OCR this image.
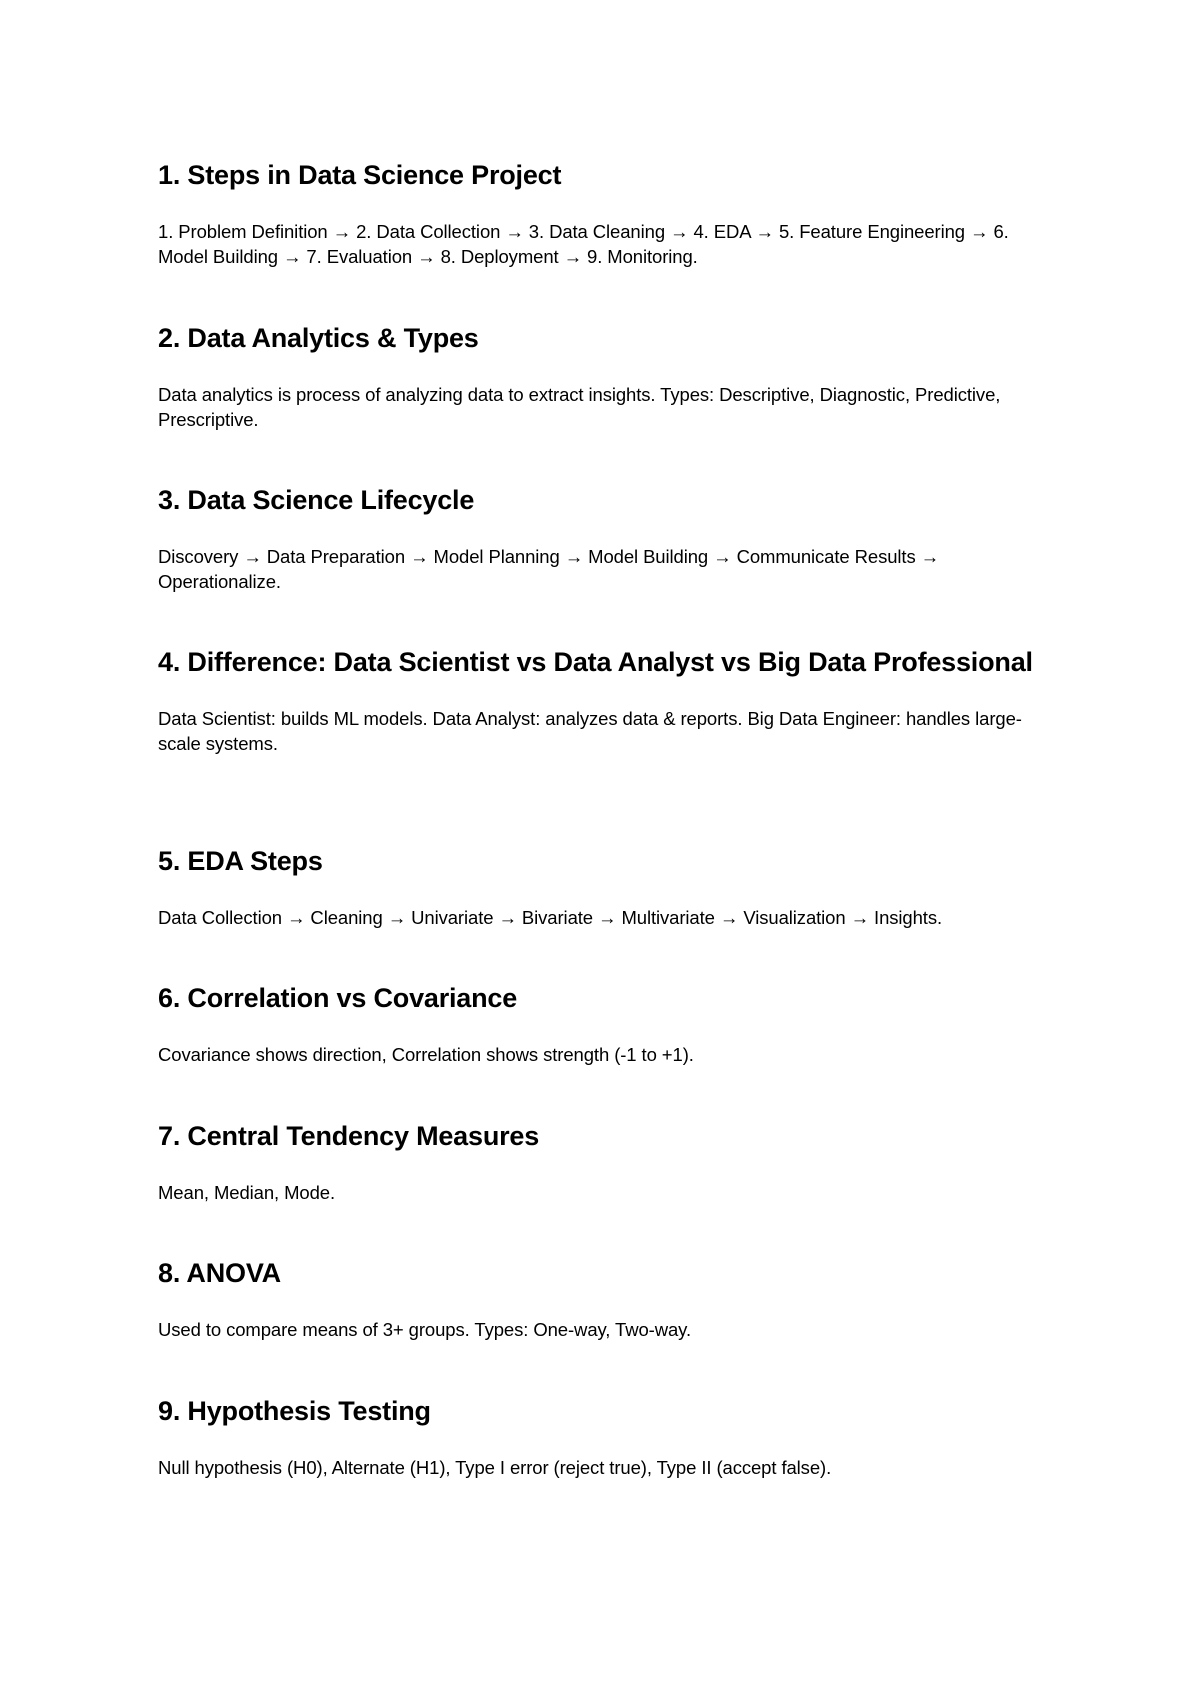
1. Steps in Data Science Project

1. Problem Definition → 2. Data Collection → 3. Data Cleaning → 4. EDA → 5. Feature Engineering → 6. Model Building → 7. Evaluation → 8. Deployment → 9. Monitoring.

2. Data Analytics & Types

Data analytics is process of analyzing data to extract insights. Types: Descriptive, Diagnostic, Predictive, Prescriptive.

3. Data Science Lifecycle

Discovery → Data Preparation → Model Planning → Model Building → Communicate Results → Operationalize.

4. Difference: Data Scientist vs Data Analyst vs Big Data Professional

Data Scientist: builds ML models. Data Analyst: analyzes data & reports. Big Data Engineer: handles large-scale systems.

5. EDA Steps

Data Collection → Cleaning → Univariate → Bivariate → Multivariate → Visualization → Insights.

6. Correlation vs Covariance

Covariance shows direction, Correlation shows strength (-1 to +1).

7. Central Tendency Measures

Mean, Median, Mode.

8. ANOVA

Used to compare means of 3+ groups. Types: One-way, Two-way.

9. Hypothesis Testing

Null hypothesis (H0), Alternate (H1), Type I error (reject true), Type II (accept false).
